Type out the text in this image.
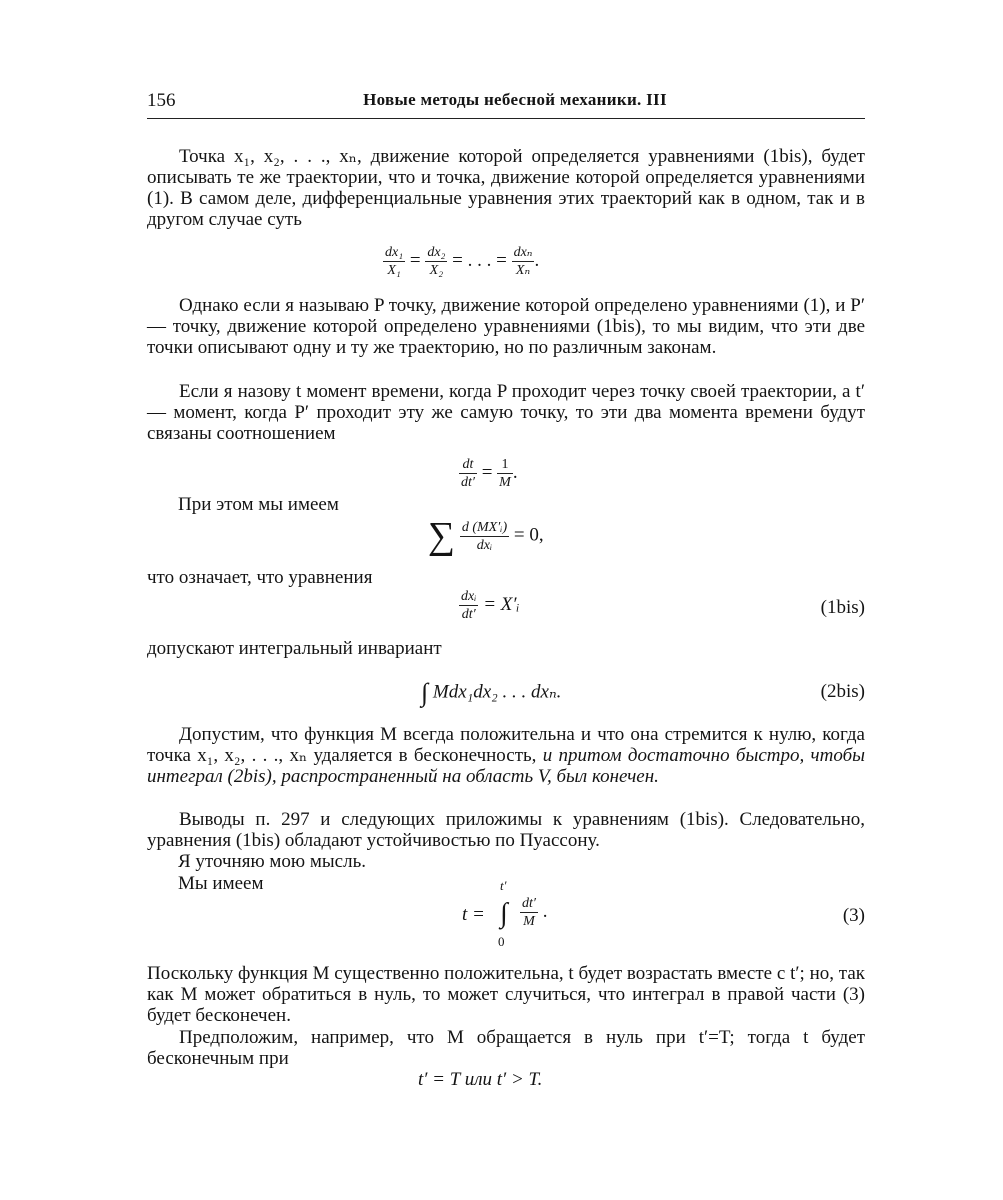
156	Новые методы небесной механики. III

Точка x₁, x₂, . . ., xₙ, движение которой определяется уравнениями (1bis), будет описывать те же траектории, что и точка, движение которой определяется уравнениями (1). В самом деле, дифференциальные уравнения этих траекторий как в одном, так и в другом случае суть

$\frac{\text{dx₁}}{\text{X₁}} = \frac{\text{dx₂}}{\text{X₂}}$ = . . . = $\frac{\text{dxₙ}}{\text{Xₙ}}$ .

Однако если я называю P точку, движение которой определено уравнениями (1), и P′ — точку, движение которой определено уравнениями (1bis), то мы видим, что эти две точки описывают одну и ту же траекторию, но по различным законам.

Если я назову t момент времени, когда P проходит через точку своей траектории, а t′ — момент, когда P′ проходит эту же самую точку, то эти два момента времени будут связаны соотношением

$\frac{dt}{dt'} = \frac{1}{M}$ .
При этом мы имеем
∑ $\frac{\text{d (MX′ᵢ)}}{\text{dxᵢ}} = 0$,
что означает, что уравнения
$\frac{\text{dxᵢ}}{dt'}$ = X′ᵢ	(1bis)
допускают интегральный инвариант
∫ Mdx₁dx₂ . . . dxₙ.	(2bis)

Допустим, что функция M всегда положительна и что она стремится к нулю, когда точка x₁, x₂, . . ., xₙ удаляется в бесконечность, и притом достаточно быстро, чтобы интеграл (2bis), распространенный на область V, был конечен.

Выводы п. 297 и следующих приложимы к уравнениям (1bis). Следовательно, уравнения (1bis) обладают устойчивостью по Пуассону.

Я уточняю мою мысль.
Мы имеем
t =
t′
∫
0
$\frac{dt'}{M}$ .	(3)

Поскольку функция M существенно положительна, t будет возрастать вместе с t′; но, так как M может обратиться в нуль, то может случиться, что интеграл в правой части (3) будет бесконечен.

Предположим, например, что M обращается в нуль при t′=T; тогда t будет бесконечным при

t′ = T или t′ > T.
